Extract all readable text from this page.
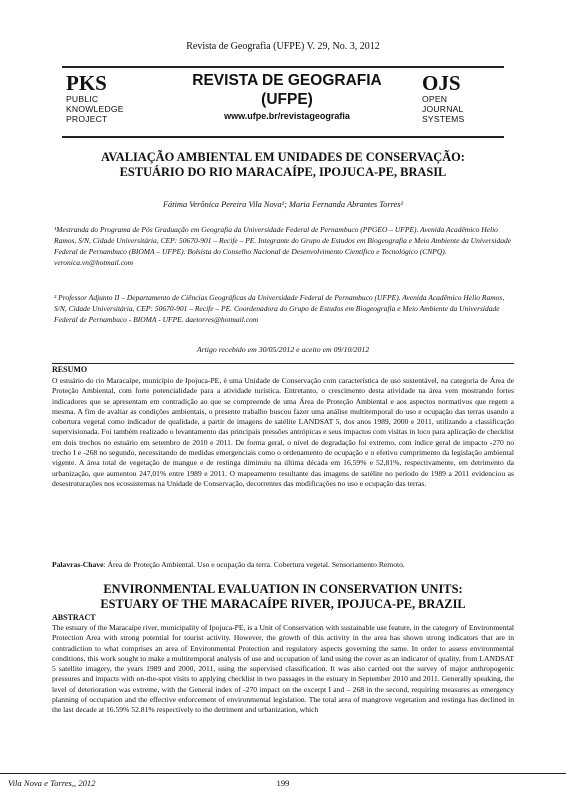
Revista de Geografia (UFPE) V. 29, No. 3, 2012
PKS
PUBLIC
KNOWLEDGE
PROJECT
REVISTA DE GEOGRAFIA
(UFPE)
www.ufpe.br/revistageografia
OJS
OPEN
JOURNAL
SYSTEMS
AVALIAÇÃO AMBIENTAL EM UNIDADES DE CONSERVAÇÃO:
ESTUÁRIO DO RIO MARACAÍPE, IPOJUCA-PE, BRASIL
Fátima Verônica Pereira Vila Nova¹; Maria Fernanda Abrantes Torres²
¹Mestranda do Programa de Pós Graduação em Geografia da Universidade Federal de Pernambuco (PPGEO – UFPE). Avenida Acadêmico Helio Ramos, S/N, Cidade Universitária, CEP: 50670-901 – Recife – PE. Integrante do Grupo de Estudos em Biogeografia e Meio Ambiente da Universidade Federal de Pernambuco (BIOMA – UFPE). Bolsista do Conselho Nacional de Desenvolvimento Científico e Tecnológico (CNPQ). veronica.vn@hotmail.com
² Professor Adjunto II – Departamento de Ciências Geográficas da Universidade Federal de Pernambuco (UFPE). Avenida Acadêmico Helio Ramos, S/N, Cidade Universitária, CEP: 50670-901 – Recife – PE. Coordenadora do Grupo de Estudos em Biogeografia e Meio Ambiente da Universidade Federal de Pernambuco - BIOMA - UFPE. daetorres@hotmail.com
Artigo recebido em 30/05/2012 e aceito em 09/10/2012
RESUMO
O estuário do rio Maracaípe, município de Ipojuca-PE, é uma Unidade de Conservação com característica de uso sustentável, na categoria de Área de Proteção Ambiental, com forte potencialidade para a atividade turística. Entretanto, o crescimento desta atividade na área vem mostrando fortes indicadores que se apresentam em contradição ao que se compreende de uma Área de Proteção Ambiental e aos aspectos normativos que regem a mesma. A fim de avaliar as condições ambientais, o presente trabalho buscou fazer uma análise multitemporal do uso e ocupação das terras usando a cobertura vegetal como indicador de qualidade, a partir de imagens de satélite LANDSAT 5, dos anos 1989, 2000 e 2011, utilizando a classificação supervisionada. Foi também realizado o levantamento das principais pressões antrópicas e seus impactos com visitas in loco para aplicação de checklist em dois trechos no estuário em setembro de 2010 e 2011. De forma geral, o nível de degradação foi extremo, com índice geral de impacto -270 no trecho I e -268 no segundo, necessitando de medidas emergenciais como o ordenamento de ocupação e o efetivo cumprimento da legislação ambiental vigente. A área total de vegetação de mangue e de restinga diminuiu na última década em 16,59% e 52,81%, respectivamente, em detrimento da urbanização, que aumentou 247,01% entre 1989 e 2011. O mapeamento resultante das imagens de satélite no período de 1989 a 2011 evidenciou as desestruturações nos ecossistemas na Unidade de Conservação, decorrentes das modificações no uso e ocupação das terras.
Palavras-Chave: Área de Proteção Ambiental. Uso e ocupação da terra. Cobertura vegetal. Sensoriamento Remoto.
ENVIRONMENTAL EVALUATION IN CONSERVATION UNITS:
ESTUARY OF THE MARACAÍPE RIVER, IPOJUCA-PE, BRAZIL
ABSTRACT
The estuary of the Maracaípe river, municipality of Ipojuca-PE, is a Unit of Conservation with sustainable use feature, in the category of Environmental Protection Area with strong potential for tourist activity. However, the growth of this activity in the area has shown strong indicators that are in contradiction to what comprises an area of Environmental Protection and regulatory aspects governing the same. In order to assess environmental conditions, this work sought to make a multitemporal analysis of use and occupation of land using the cover as an indicator of quality, from LANDSAT 5 satellite imagery, the years 1989 and 2000, 2011, using the supervised classification. It was also carried out the survey of major anthropogenic pressures and impacts with on-the-spot visits to applying checklist in two passages in the estuary in September 2010 and 2011. Generally speaking, the level of deterioration was extreme, with the General index of -270 impact on the excerpt I and – 268 in the second, requiring measures as emergency planning of occupation and the effective enforcement of environmental legislation. The total area of mangrove vegetation and restinga has declined in the last decade at 16.59% 52.81% respectively to the detriment and urbanization, which
Vila Nova e Torres,, 2012	199
